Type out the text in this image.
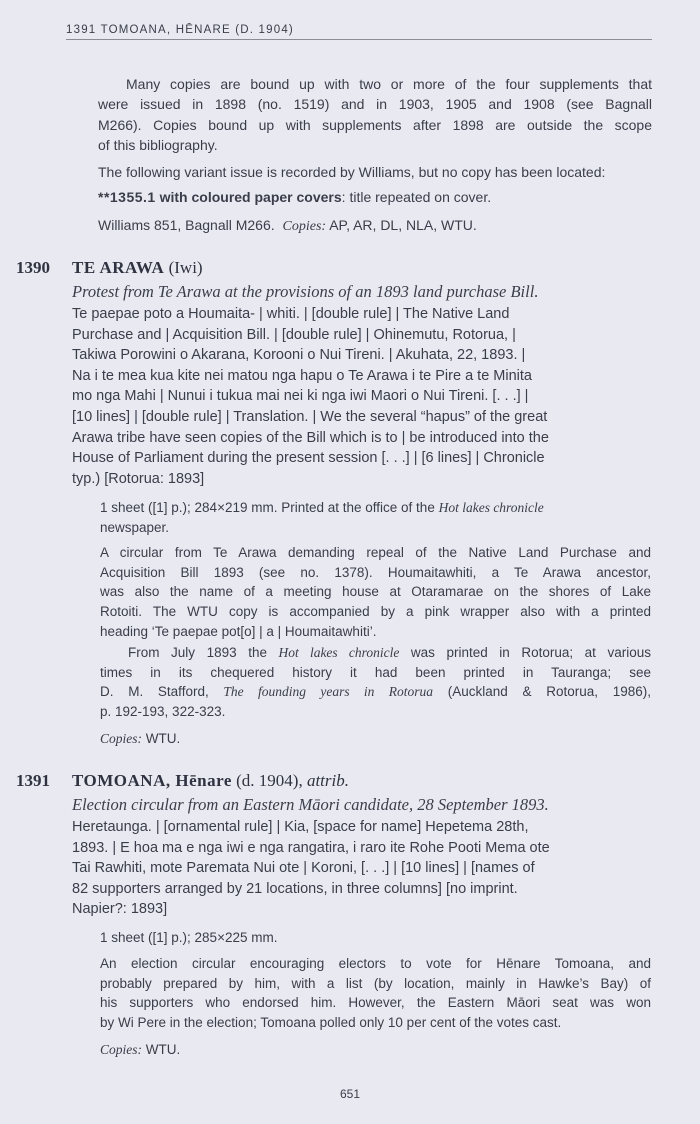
1391 TOMOANA, HĒNARE (D. 1904)
Many copies are bound up with two or more of the four supplements that
were issued in 1898 (no. 1519) and in 1903, 1905 and 1908 (see Bagnall
M266). Copies bound up with supplements after 1898 are outside the scope
of this bibliography.
The following variant issue is recorded by Williams, but no copy has been located:
**1355.1 with coloured paper covers: title repeated on cover.
Williams 851, Bagnall M266. Copies: AP, AR, DL, NLA, WTU.
1390 TE ARAWA (Iwi)
Protest from Te Arawa at the provisions of an 1893 land purchase Bill.
Te paepae poto a Houmaita- | whiti. | [double rule] | The Native Land
Purchase and | Acquisition Bill. | [double rule] | Ohinemutu, Rotorua, |
Takiwa Porowini o Akarana, Korooni o Nui Tireni. | Akuhata, 22, 1893. |
Na i te mea kua kite nei matou nga hapu o Te Arawa i te Pire a te Minita
mo nga Mahi | Nunui i tukua mai nei ki nga iwi Maori o Nui Tireni. [. . .] |
[10 lines] | [double rule] | Translation. | We the several “hapus” of the great
Arawa tribe have seen copies of the Bill which is to | be introduced into the
House of Parliament during the present session [. . .] | [6 lines] | Chronicle
typ.) [Rotorua: 1893]
1 sheet ([1] p.); 284×219 mm. Printed at the office of the Hot lakes chronicle
newspaper.
A circular from Te Arawa demanding repeal of the Native Land Purchase and
Acquisition Bill 1893 (see no. 1378). Houmaitawhiti, a Te Arawa ancestor,
was also the name of a meeting house at Otaramarae on the shores of Lake
Rotoiti. The WTU copy is accompanied by a pink wrapper also with a printed
heading ‘Te paepae pot[o] | a | Houmaitawhiti’.
From July 1893 the Hot lakes chronicle was printed in Rotorua; at various
times in its chequered history it had been printed in Tauranga; see
D. M. Stafford, The founding years in Rotorua (Auckland & Rotorua, 1986),
p. 192-193, 322-323.
Copies: WTU.
1391 TOMOANA, Hēnare (d. 1904), attrib.
Election circular from an Eastern Māori candidate, 28 September 1893.
Heretaunga. | [ornamental rule] | Kia, [space for name] Hepetema 28th,
1893. | E hoa ma e nga iwi e nga rangatira, i raro ite Rohe Pooti Mema ote
Tai Rawhiti, mote Paremata Nui ote | Koroni, [. . .] | [10 lines] | [names of
82 supporters arranged by 21 locations, in three columns] [no imprint.
Napier?: 1893]
1 sheet ([1] p.); 285×225 mm.
An election circular encouraging electors to vote for Hēnare Tomoana, and
probably prepared by him, with a list (by location, mainly in Hawke’s Bay) of
his supporters who endorsed him. However, the Eastern Māori seat was won
by Wi Pere in the election; Tomoana polled only 10 per cent of the votes cast.
Copies: WTU.
651
